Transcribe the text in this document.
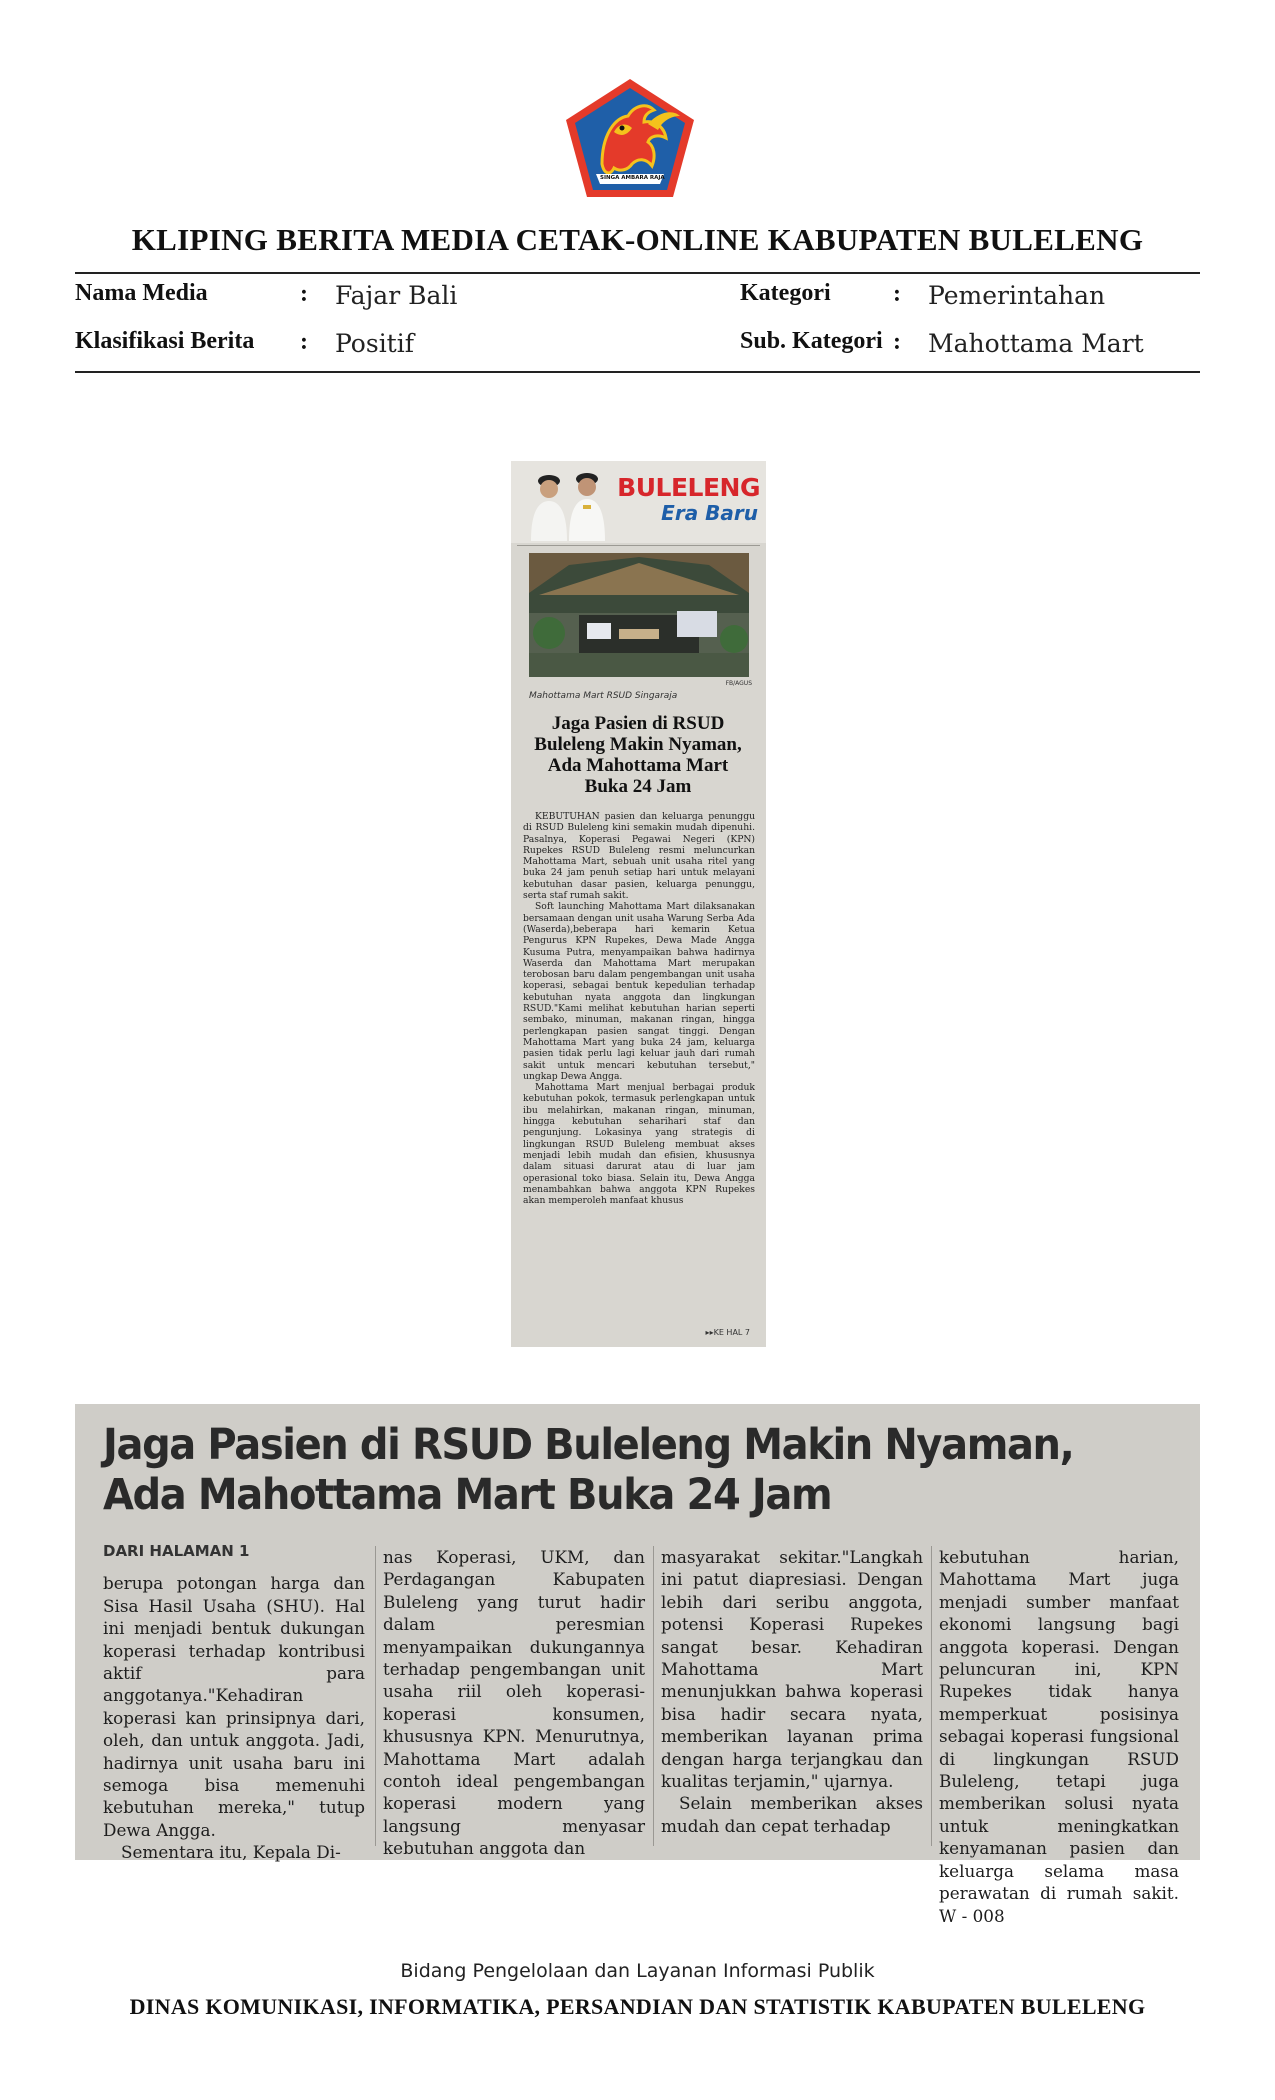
SINGA AMBARA RAJA
KLIPING BERITA MEDIA CETAK-ONLINE KABUPATEN BULELENG
Nama Media	: Fajar Bali	Kategori	: Pemerintahan
Klasifikasi Berita : Positif	Sub. Kategori : Mahottama Mart
BULELENG
Era Baru
FB/AGUS
Mahottama Mart RSUD Singaraja
Jaga Pasien di RSUD Buleleng Makin Nyaman, Ada Mahottama Mart Buka 24 Jam

KEBUTUHAN pasien dan keluarga penunggu di RSUD Buleleng kini semakin mudah dipenuhi. Pasalnya, Koperasi Pegawai Negeri (KPN) Rupekes RSUD Buleleng resmi meluncurkan Mahottama Mart, sebuah unit usaha ritel yang buka 24 jam penuh setiap hari untuk melayani kebutuhan dasar pasien, keluarga penunggu, serta staf rumah sakit.

Soft launching Mahottama Mart dilaksanakan bersamaan dengan unit usaha Warung Serba Ada (Waserda),beberapa hari kemarin Ketua Pengurus KPN Rupekes, Dewa Made Angga Kusuma Putra, menyampaikan bahwa hadirnya Waserda dan Mahottama Mart merupakan terobosan baru dalam pengembangan unit usaha koperasi, sebagai bentuk kepedulian terhadap kebutuhan nyata anggota dan lingkungan RSUD."Kami melihat kebutuhan harian seperti sembako, minuman, makanan ringan, hingga perlengkapan pasien sangat tinggi. Dengan Mahottama Mart yang buka 24 jam, keluarga pasien tidak perlu lagi keluar jauh dari rumah sakit untuk mencari kebutuhan tersebut," ungkap Dewa Angga.

Mahottama Mart menjual berbagai produk kebutuhan pokok, termasuk perlengkapan untuk ibu melahirkan, makanan ringan, minuman, hingga kebutuhan seharihari staf dan pengunjung. Lokasinya yang strategis di lingkungan RSUD Buleleng membuat akses menjadi lebih mudah dan efisien, khususnya dalam situasi darurat atau di luar jam operasional toko biasa. Selain itu, Dewa Angga menambahkan bahwa anggota KPN Rupekes akan memperoleh manfaat khusus

▸▸KE HAL 7
Jaga Pasien di RSUD Buleleng Makin Nyaman,
Ada Mahottama Mart Buka 24 Jam
DARI HALAMAN 1

berupa potongan harga dan Sisa Hasil Usaha (SHU). Hal ini menjadi bentuk dukungan koperasi terhadap kontribusi aktif para anggotanya."Kehadiran koperasi kan prinsipnya dari, oleh, dan untuk anggota. Jadi, hadirnya unit usaha baru ini semoga bisa memenuhi kebutuhan mereka," tutup Dewa Angga.

Sementara itu, Kepala Di-

nas Koperasi, UKM, dan Perdagangan Kabupaten Buleleng yang turut hadir dalam peresmian menyampaikan dukungannya terhadap pengembangan unit usaha riil oleh koperasi-koperasi konsumen, khususnya KPN. Menurutnya, Mahottama Mart adalah contoh ideal pengembangan koperasi modern yang langsung menyasar kebutuhan anggota dan

masyarakat sekitar."Langkah ini patut diapresiasi. Dengan lebih dari seribu anggota, potensi Koperasi Rupekes sangat besar. Kehadiran Mahottama Mart menunjukkan bahwa koperasi bisa hadir secara nyata, memberikan layanan prima dengan harga terjangkau dan kualitas terjamin," ujarnya.

Selain memberikan akses mudah dan cepat terhadap

kebutuhan harian, Mahottama Mart juga menjadi sumber manfaat ekonomi langsung bagi anggota koperasi. Dengan peluncuran ini, KPN Rupekes tidak hanya memperkuat posisinya sebagai koperasi fungsional di lingkungan RSUD Buleleng, tetapi juga memberikan solusi nyata untuk meningkatkan kenyamanan pasien dan keluarga selama masa perawatan di rumah sakit. W - 008

Bidang Pengelolaan dan Layanan Informasi Publik
DINAS KOMUNIKASI, INFORMATIKA, PERSANDIAN DAN STATISTIK KABUPATEN BULELENG
